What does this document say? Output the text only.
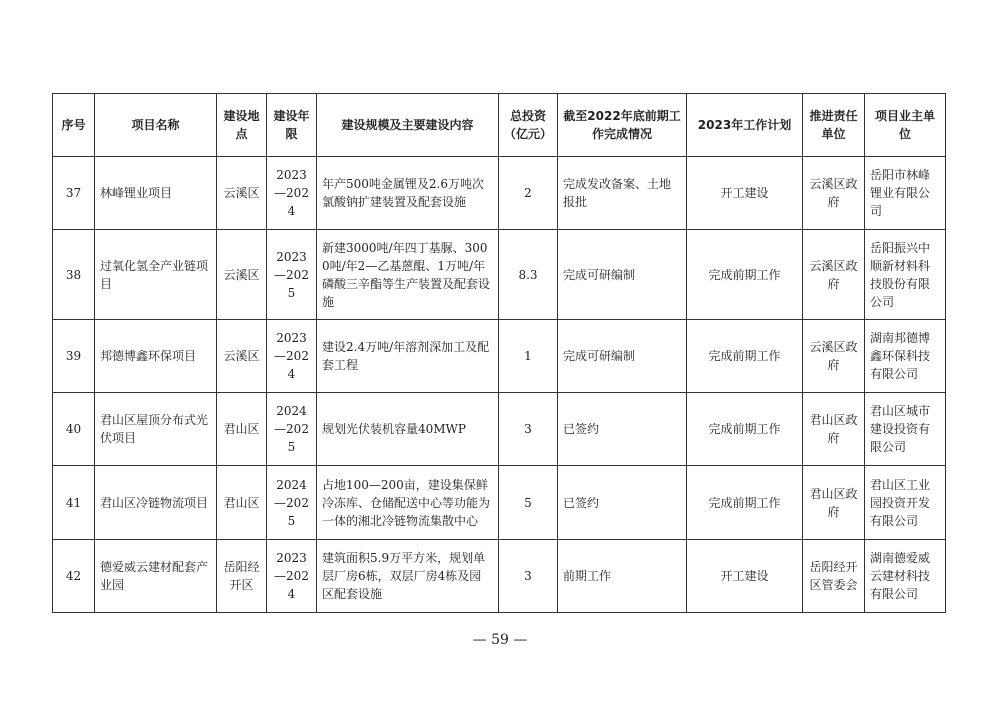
序号	项目名称	建设地点	建设年限	建设规模及主要建设内容	总投资（亿元）	截至2022年底前期工作完成情况	2023年工作计划	推进责任单位	项目业主单位
37	林峰锂业项目	云溪区	2023—2024	年产500吨金属锂及2.6万吨次氯酸钠扩建装置及配套设施	2	完成发改备案、土地报批	开工建设	云溪区政府	岳阳市林峰锂业有限公司
38	过氧化氢全产业链项目	云溪区	2023—2025	新建3000吨/年四丁基脲、3000吨/年2—乙基蒽醌、1万吨/年磷酸三辛酯等生产装置及配套设施	8.3	完成可研编制	完成前期工作	云溪区政府	岳阳振兴中顺新材料科技股份有限公司
39	邦德博鑫环保项目	云溪区	2023—2024	建设2.4万吨/年溶剂深加工及配套工程	1	完成可研编制	完成前期工作	云溪区政府	湖南邦德博鑫环保科技有限公司
40	君山区屋顶分布式光伏项目	君山区	2024—2025	规划光伏装机容量40MWP	3	已签约	完成前期工作	君山区政府	君山区城市建设投资有限公司
41	君山区冷链物流项目	君山区	2024—2025	占地100—200亩，建设集保鲜冷冻库、仓储配送中心等功能为一体的湘北冷链物流集散中心	5	已签约	完成前期工作	君山区政府	君山区工业园投资开发有限公司
42	德爱威云建材配套产业园	岳阳经开区	2023—2024	建筑面积5.9万平方米，规划单层厂房6栋，双层厂房4栋及园区配套设施	3	前期工作	开工建设	岳阳经开区管委会	湖南德爱威云建材科技有限公司
— 59 —
